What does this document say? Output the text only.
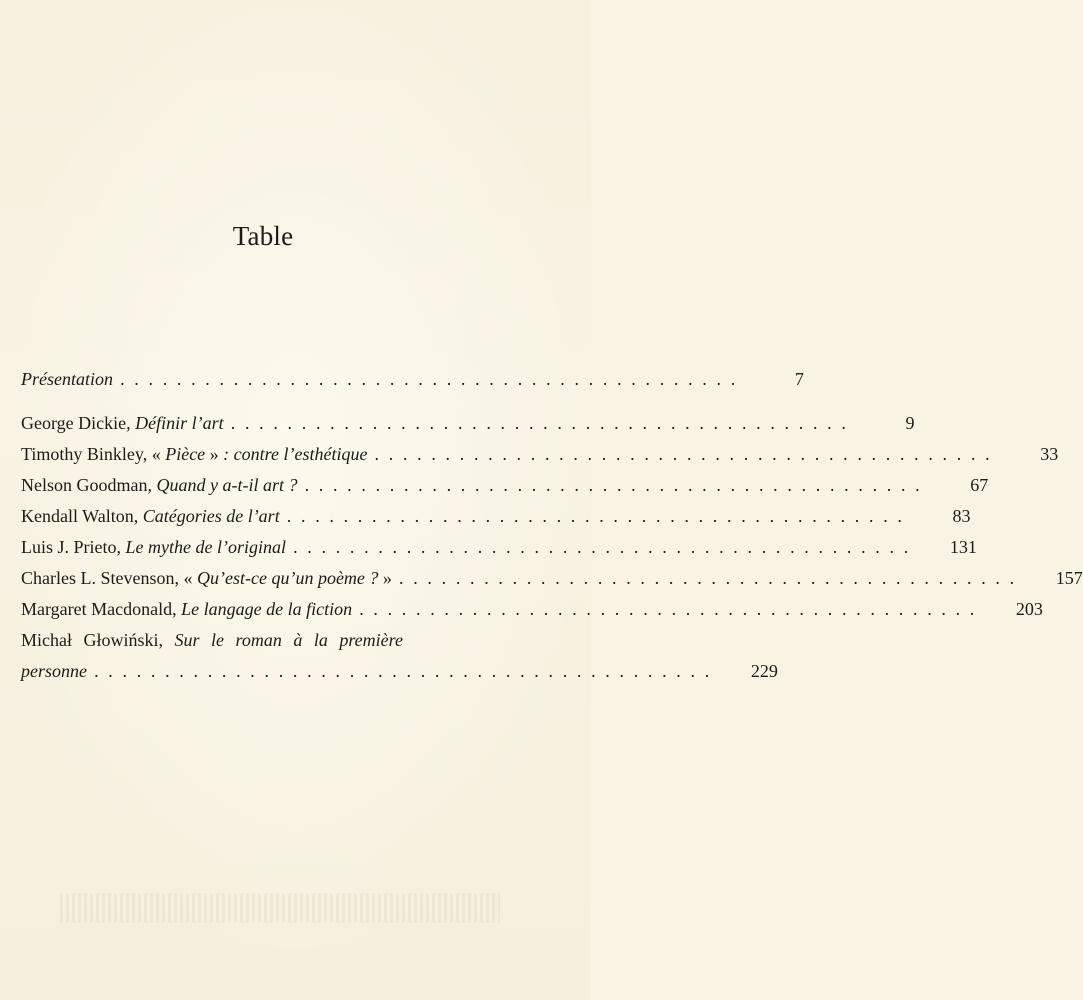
Table
Présentation . . .	7
George Dickie, Définir l’art . . .	9
Timothy Binkley, « Pièce » : contre l’esthétique . . .	33
Nelson Goodman, Quand y a-t-il art ? . . .	67
Kendall Walton, Catégories de l’art . . .	83
Luis J. Prieto, Le mythe de l’original . . .	131
Charles L. Stevenson, « Qu’est-ce qu’un poème ? » . . .	157
Margaret Macdonald, Le langage de la fiction . . .	203
Michał Głowiński, Sur le roman à la première
personne . . .	229
